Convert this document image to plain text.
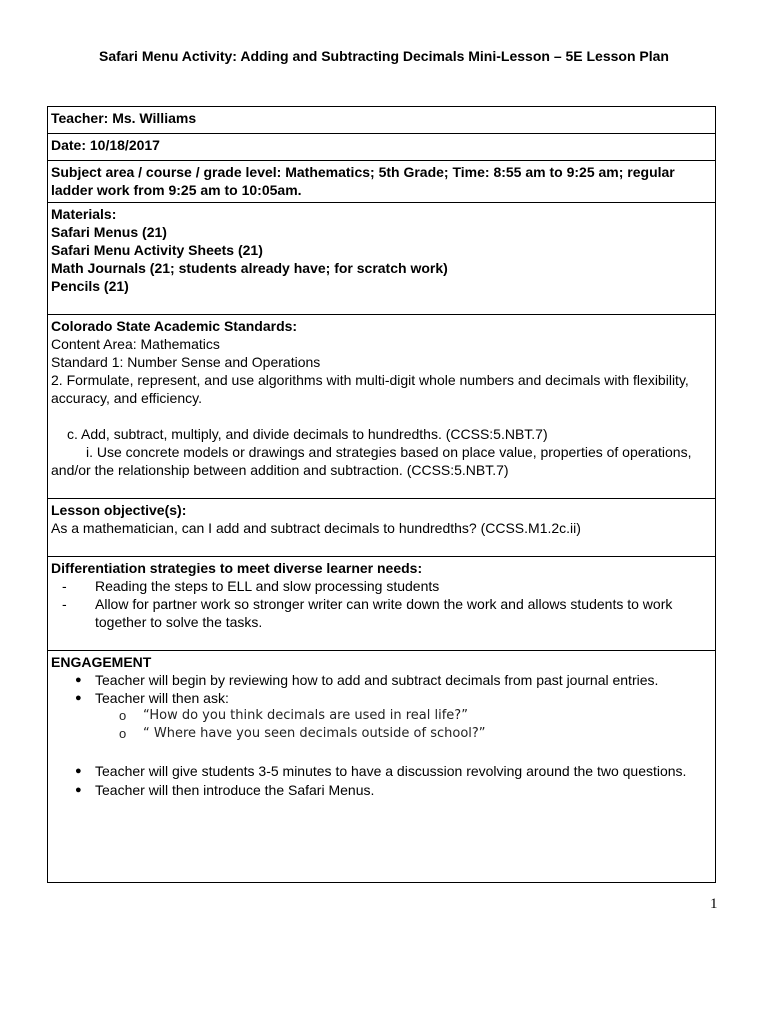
Safari Menu Activity: Adding and Subtracting Decimals Mini-Lesson – 5E Lesson Plan
Teacher: Ms. Williams
Date: 10/18/2017
Subject area / course / grade level: Mathematics; 5th Grade; Time: 8:55 am to 9:25 am; regular ladder work from 9:25 am to 10:05am.

Materials:
Safari Menus (21)
Safari Menu Activity Sheets (21)
Math Journals (21; students already have; for scratch work)
Pencils (21)

Colorado State Academic Standards:
Content Area: Mathematics
Standard 1: Number Sense and Operations
2. Formulate, represent, and use algorithms with multi-digit whole numbers and decimals with flexibility, accuracy, and efficiency.
c. Add, subtract, multiply, and divide decimals to hundredths. (CCSS:5.NBT.7)
i. Use concrete models or drawings and strategies based on place value, properties of operations, and/or the relationship between addition and subtraction. (CCSS:5.NBT.7)

Lesson objective(s):
As a mathematician, can I add and subtract decimals to hundredths? (CCSS.M1.2c.ii)

Differentiation strategies to meet diverse learner needs:
- Reading the steps to ELL and slow processing students
- Allow for partner work so stronger writer can write down the work and allows students to work together to solve the tasks.

ENGAGEMENT
● Teacher will begin by reviewing how to add and subtract decimals from past journal entries.
● Teacher will then ask:
o “How do you think decimals are used in real life?”
o “ Where have you seen decimals outside of school?”
● Teacher will give students 3-5 minutes to have a discussion revolving around the two questions.
● Teacher will then introduce the Safari Menus.
1
